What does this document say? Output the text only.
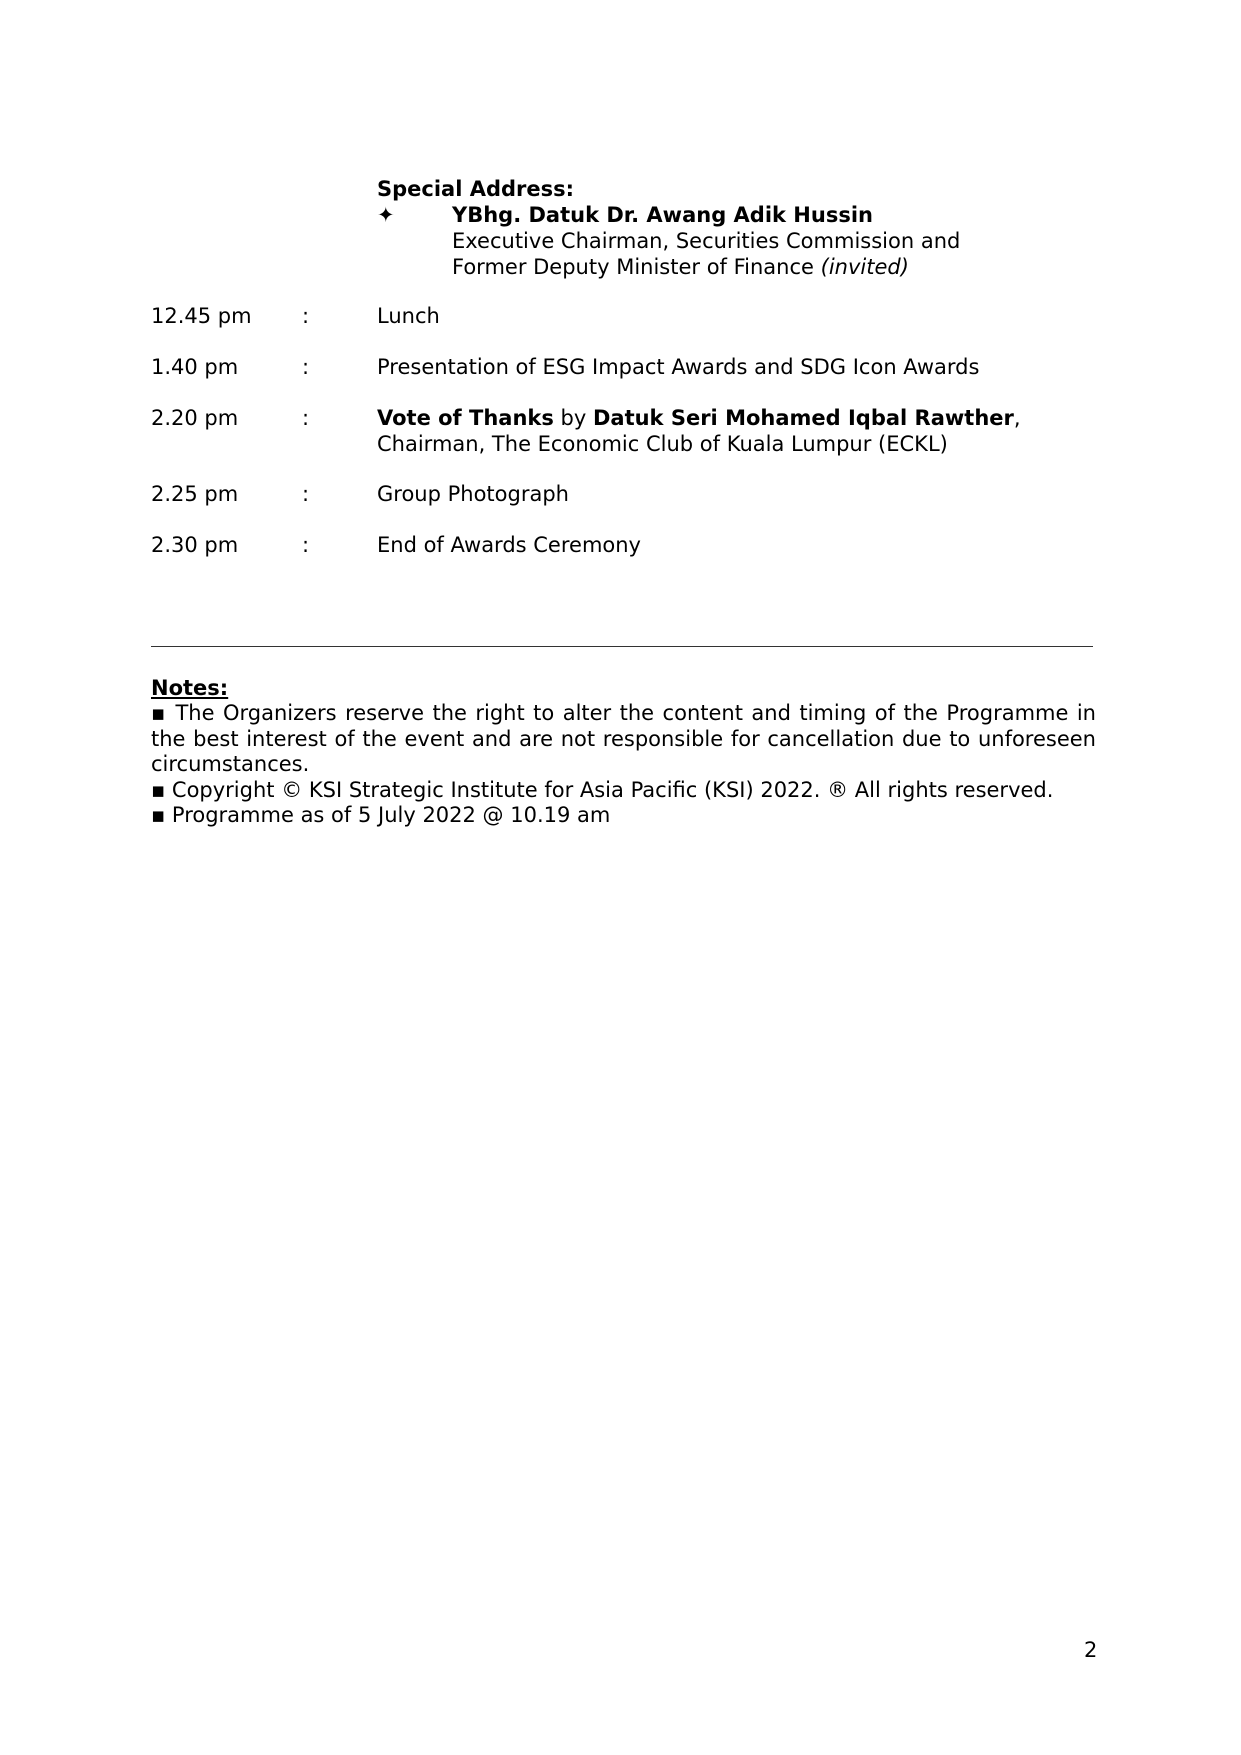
Special Address:
✦	YBhg. Datuk Dr. Awang Adik Hussin
Executive Chairman, Securities Commission and
Former Deputy Minister of Finance (invited)
12.45 pm :	Lunch
1.40 pm	:	Presentation of ESG Impact Awards and SDG Icon Awards
2.20 pm	:	Vote of Thanks by Datuk Seri Mohamed Iqbal Rawther,
Chairman, The Economic Club of Kuala Lumpur (ECKL)
2.25 pm	:	Group Photograph
2.30 pm	:	End of Awards Ceremony
Notes:
▪ The Organizers reserve the right to alter the content and timing of the Programme in the best interest of the event and are not responsible for cancellation due to unforeseen circumstances.
▪ Copyright © KSI Strategic Institute for Asia Pacific (KSI) 2022. ® All rights reserved.
▪ Programme as of 5 July 2022 @ 10.19 am
2
